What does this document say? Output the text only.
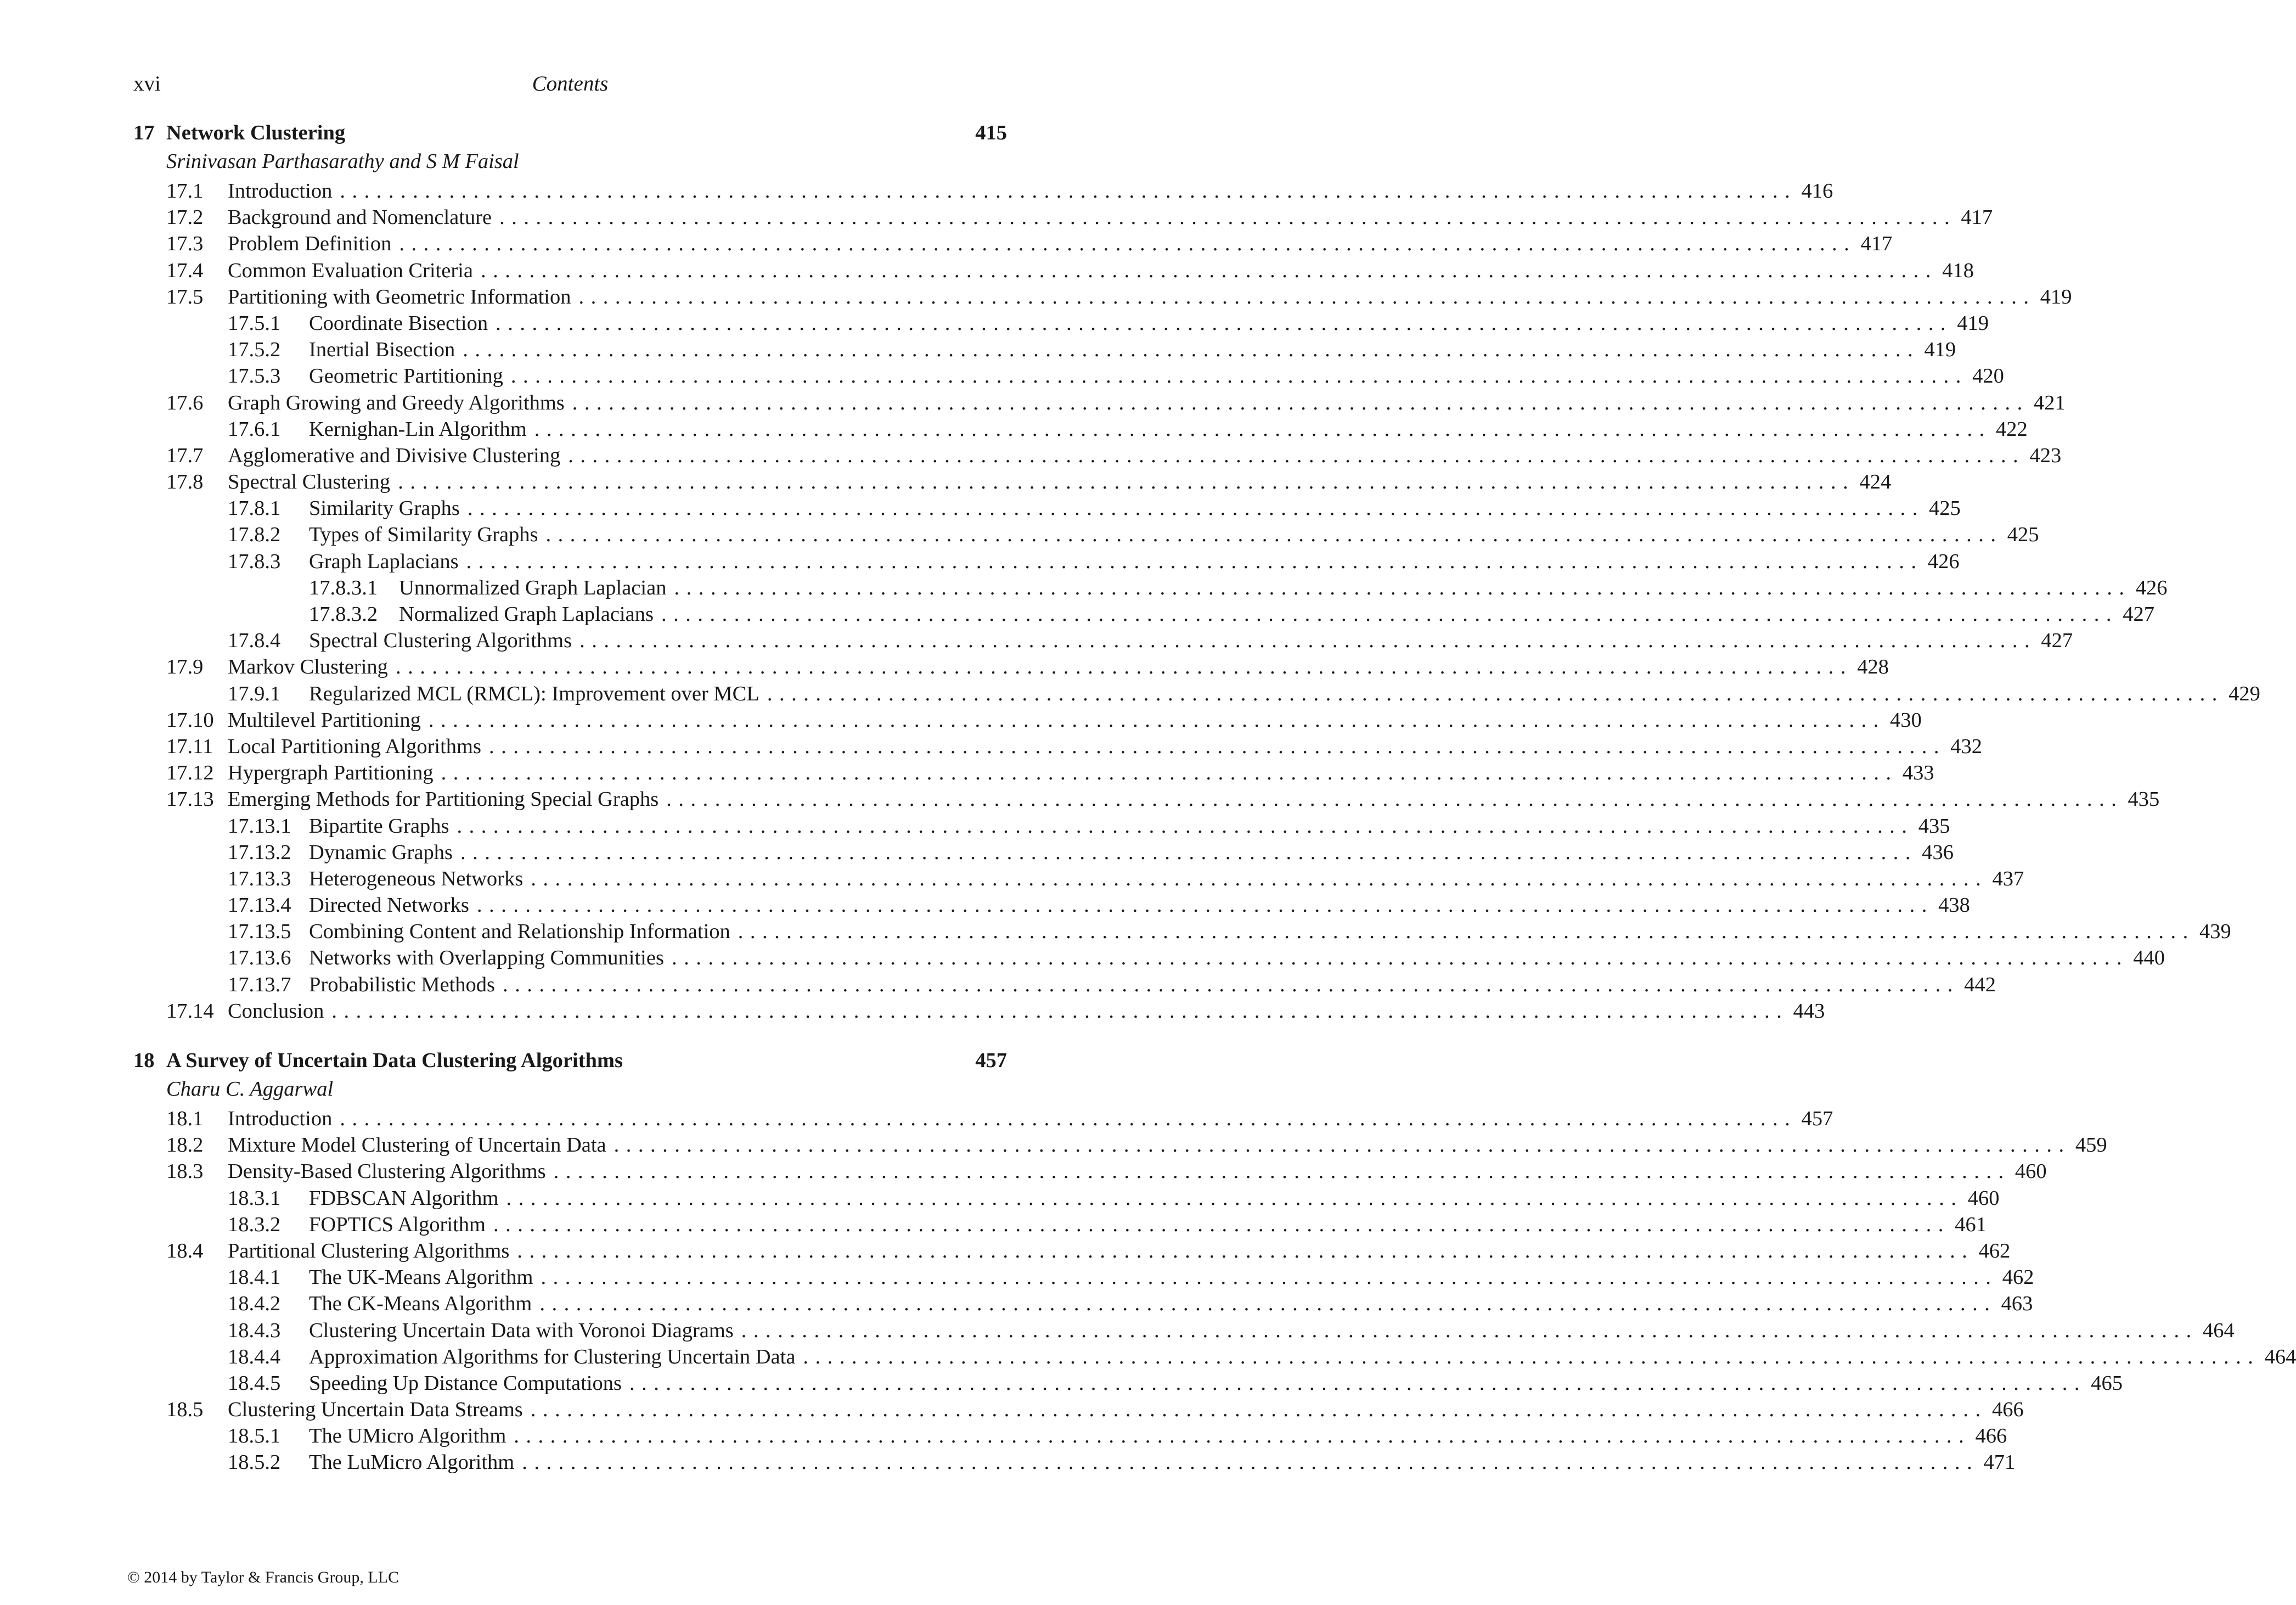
xvi	Contents
17 Network Clustering	415
Srinivasan Parthasarathy and S M Faisal
17.1	Introduction ........................................................................................................................ 416
17.2	Background and Nomenclature ........................................................................................................................ 417
17.3	Problem Definition ........................................................................................................................ 417
17.4	Common Evaluation Criteria ........................................................................................................................ 418
17.5	Partitioning with Geometric Information ........................................................................................................................ 419
17.5.1	Coordinate Bisection ........................................................................................................................ 419
17.5.2	Inertial Bisection ........................................................................................................................ 419
17.5.3	Geometric Partitioning ........................................................................................................................ 420
17.6	Graph Growing and Greedy Algorithms ........................................................................................................................ 421
17.6.1	Kernighan-Lin Algorithm ........................................................................................................................ 422
17.7	Agglomerative and Divisive Clustering ........................................................................................................................ 423
17.8	Spectral Clustering ........................................................................................................................ 424
17.8.1	Similarity Graphs ........................................................................................................................ 425
17.8.2	Types of Similarity Graphs ........................................................................................................................ 425
17.8.3	Graph Laplacians ........................................................................................................................ 426
17.8.3.1	Unnormalized Graph Laplacian ........................................................................................................................ 426
17.8.3.2	Normalized Graph Laplacians ........................................................................................................................ 427
17.8.4	Spectral Clustering Algorithms ........................................................................................................................ 427
17.9	Markov Clustering ........................................................................................................................ 428
17.9.1	Regularized MCL (RMCL): Improvement over MCL ........................................................................................................................ 429
17.10 Multilevel Partitioning ........................................................................................................................ 430
17.11 Local Partitioning Algorithms ........................................................................................................................ 432
17.12 Hypergraph Partitioning ........................................................................................................................ 433
17.13 Emerging Methods for Partitioning Special Graphs ........................................................................................................................ 435
17.13.1 Bipartite Graphs ........................................................................................................................ 435
17.13.2 Dynamic Graphs ........................................................................................................................ 436
17.13.3 Heterogeneous Networks ........................................................................................................................ 437
17.13.4 Directed Networks ........................................................................................................................ 438
17.13.5 Combining Content and Relationship Information ........................................................................................................................ 439
17.13.6 Networks with Overlapping Communities ........................................................................................................................ 440
17.13.7 Probabilistic Methods ........................................................................................................................ 442
17.14 Conclusion ........................................................................................................................ 443
18 A Survey of Uncertain Data Clustering Algorithms	457
Charu C. Aggarwal
18.1	Introduction ........................................................................................................................ 457
18.2	Mixture Model Clustering of Uncertain Data ........................................................................................................................ 459
18.3	Density-Based Clustering Algorithms ........................................................................................................................ 460
18.3.1	FDBSCAN Algorithm ........................................................................................................................ 460
18.3.2	FOPTICS Algorithm ........................................................................................................................ 461
18.4	Partitional Clustering Algorithms ........................................................................................................................ 462
18.4.1	The UK-Means Algorithm ........................................................................................................................ 462
18.4.2	The CK-Means Algorithm ........................................................................................................................ 463
18.4.3	Clustering Uncertain Data with Voronoi Diagrams ........................................................................................................................ 464
18.4.4	Approximation Algorithms for Clustering Uncertain Data ........................................................................................................................ 464
18.4.5	Speeding Up Distance Computations ........................................................................................................................ 465
18.5	Clustering Uncertain Data Streams ........................................................................................................................ 466
18.5.1	The UMicro Algorithm ........................................................................................................................ 466
18.5.2	The LuMicro Algorithm ........................................................................................................................ 471
© 2014 by Taylor & Francis Group, LLC
